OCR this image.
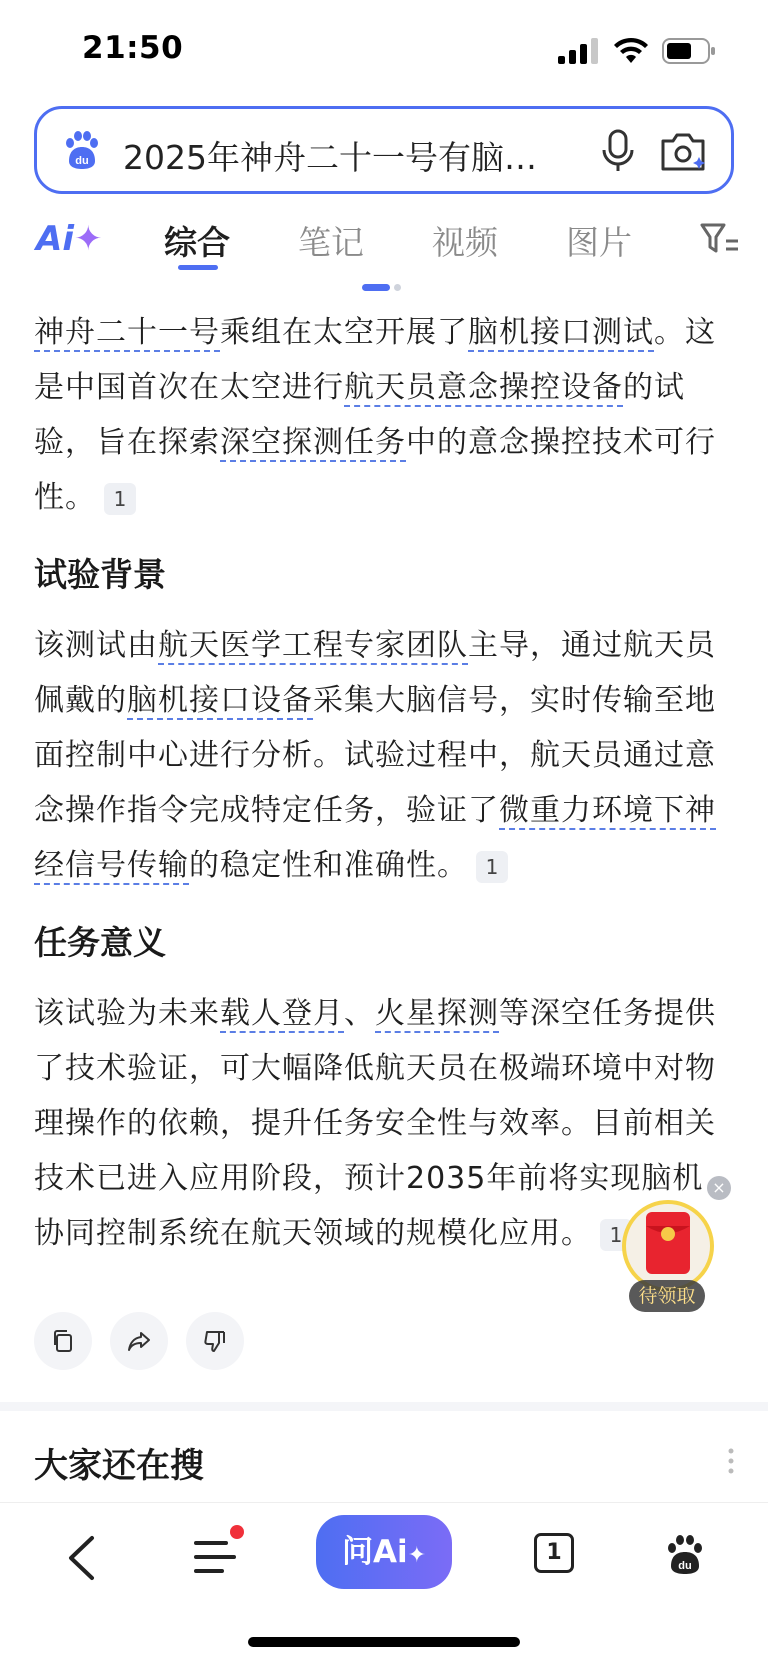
21:50
du 2025年神舟二十一号有脑…
Ai✦ 综合 笔记 视频 图片

神舟二十一号乘组在太空开展了脑机接口测试。这是中国首次在太空进行航天员意念操控设备的试验，旨在探索深空探测任务中的意念操控技术可行性。 1

试验背景

该测试由航天医学工程专家团队主导，通过航天员佩戴的脑机接口设备采集大脑信号，实时传输至地面控制中心进行分析。试验过程中，航天员通过意念操作指令完成特定任务，验证了微重力环境下神经信号传输的稳定性和准确性。 1

任务意义

该试验为未来载人登月、火星探测等深空任务提供了技术验证，可大幅降低航天员在极端环境中对物理操作的依赖，提升任务安全性与效率。目前相关技术已进入应用阶段，预计2035年前将实现脑机协同控制系统在航天领域的规模化应用。 1

×
待领取
大家还在搜
问Ai✦	1
du
